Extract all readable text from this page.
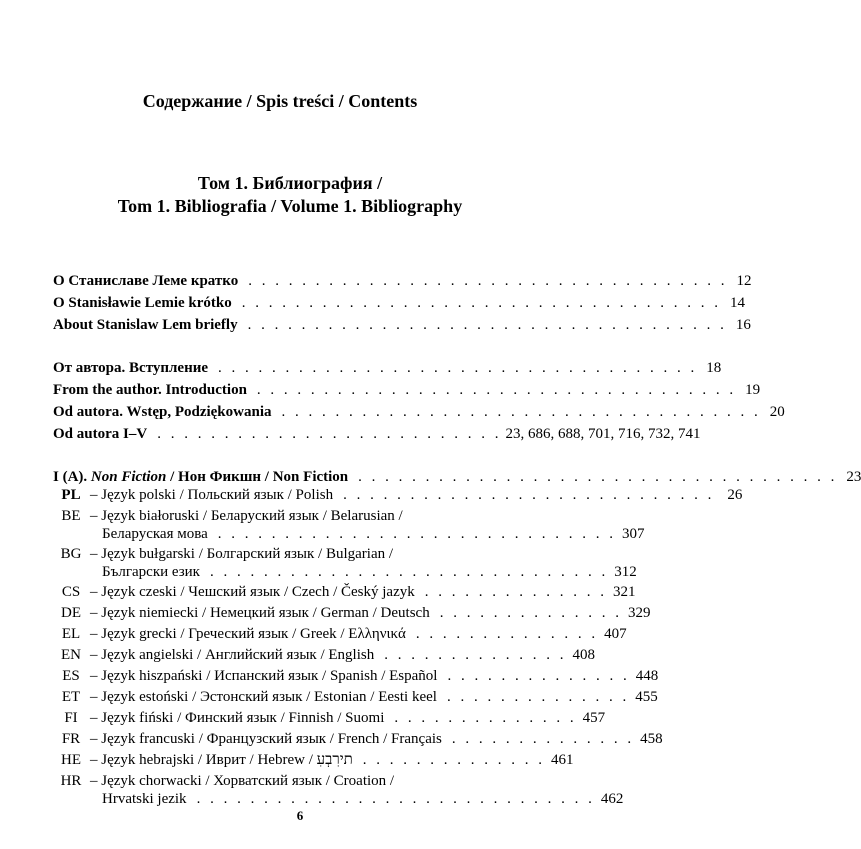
Содержание / Spis treści / Contents
Том 1. Библиография /
Tom 1. Bibliografia / Volume 1. Bibliography
О Станиславе Леме кратко . . . . . . . . . . . . . . . . . . . . . . . . . . . . . . . . . . . . 12
O Stanisławie Lemie krótko . . . . . . . . . . . . . . . . . . . . . . . . . . . . . . . . . . . . 14
About Stanislaw Lem briefly . . . . . . . . . . . . . . . . . . . . . . . . . . . . . . . . . . . . 16
От автора. Вступление . . . . . . . . . . . . . . . . . . . . . . . . . . . . . . . . . . . . 18
From the author. Introduction . . . . . . . . . . . . . . . . . . . . . . . . . . . . . . . . . . . . 19
Od autora. Wstęp, Podziękowania . . . . . . . . . . . . . . . . . . . . . . . . . . . . . . . . . . . . 20
Od autora I–V . . . . . . . . . . . . . . . . . . . . . . . . . . 23, 686, 688, 701, 716, 732, 741
I (A). Non Fiction / Нон Фикшн / Non Fiction . . . . . . . . . . . . . . . . . . . . . . . . . . . . . . . . . . . . 23
PL – Język polski / Польский язык / Polish . . . . . . . . . . . . . . . . . . . . . . . . . . . . 26
BE – Język białoruski / Беларуский язык / Belarusian /
Беларуская мова . . . . . . . . . . . . . . . . . . . . . . . . . . . . . . 307
BG – Język bułgarski / Болгарский язык / Bulgarian /
Български език . . . . . . . . . . . . . . . . . . . . . . . . . . . . . . 312
CS – Język czeski / Чешский язык / Czech / Český jazyk . . . . . . . . . . . . . . 321
DE – Język niemiecki / Немецкий язык / German / Deutsch . . . . . . . . . . . . . . 329
EL – Język grecki / Греческий язык / Greek / Ελληνικά . . . . . . . . . . . . . . 407
EN – Język angielski / Английский язык / English . . . . . . . . . . . . . . 408
ES – Język hiszpański / Испанский язык / Spanish / Español . . . . . . . . . . . . . . 448
ET – Język estoński / Эстонский язык / Estonian / Eesti keel . . . . . . . . . . . . . . 455
FI – Język fiński / Финский язык / Finnish / Suomi . . . . . . . . . . . . . . 457
FR – Język francuski / Французский язык / French / Français . . . . . . . . . . . . . . 458
HE – Język hebrajski / Иврит / Hebrew / תירִבְעִ . . . . . . . . . . . . . . 461
HR – Język chorwacki / Хорватский язык / Croation /
Hrvatski jezik . . . . . . . . . . . . . . . . . . . . . . . . . . . . . . 462
6
